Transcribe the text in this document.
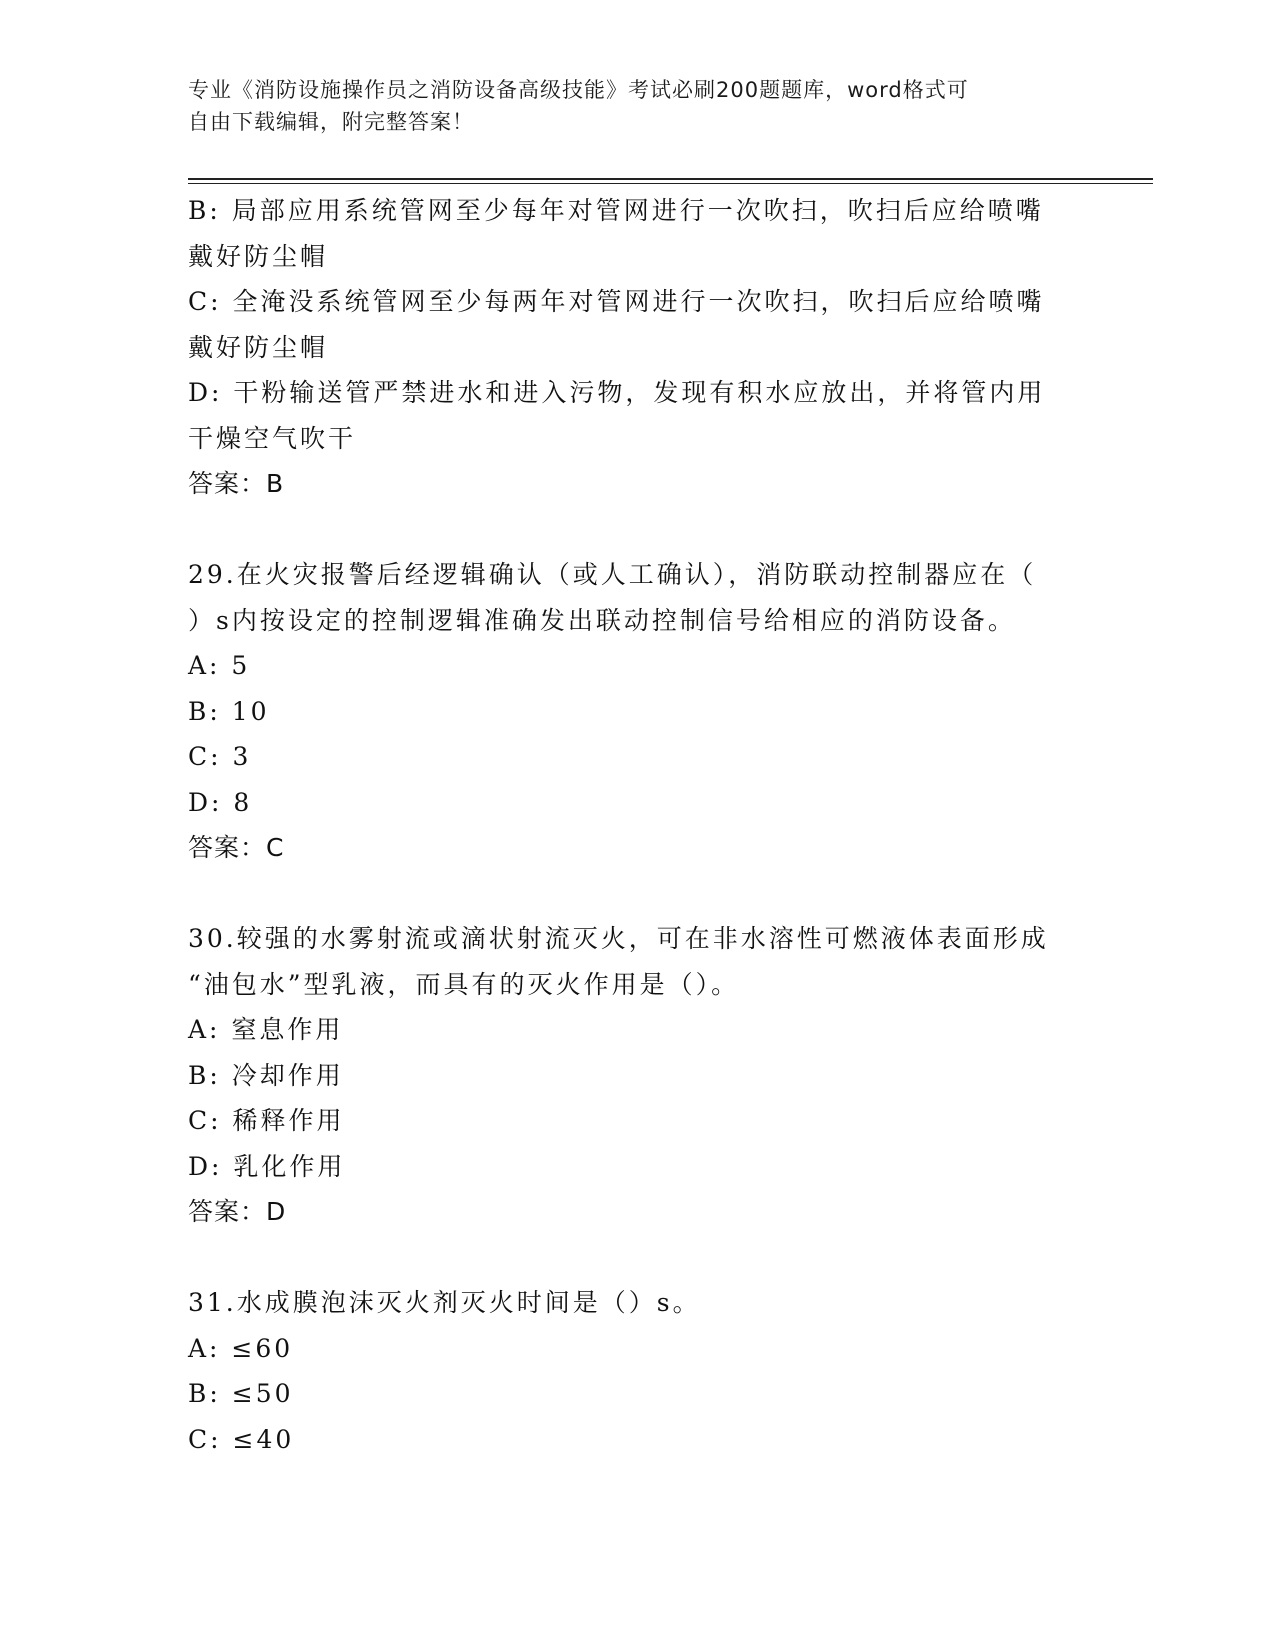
专业《消防设施操作员之消防设备高级技能》考试必刷200题题库，word格式可
自由下载编辑，附完整答案！
B: 局部应用系统管网至少每年对管网进行一次吹扫，吹扫后应给喷嘴
戴好防尘帽
C: 全淹没系统管网至少每两年对管网进行一次吹扫，吹扫后应给喷嘴
戴好防尘帽
D: 干粉输送管严禁进水和进入污物，发现有积水应放出，并将管内用
干燥空气吹干
答案：B
29.在火灾报警后经逻辑确认（或人工确认），消防联动控制器应在（
）s内按设定的控制逻辑准确发出联动控制信号给相应的消防设备。
A: 5
B: 10
C: 3
D: 8
答案：C
30.较强的水雾射流或滴状射流灭火，可在非水溶性可燃液体表面形成
“油包水”型乳液，而具有的灭火作用是（）。
A: 窒息作用
B: 冷却作用
C: 稀释作用
D: 乳化作用
答案：D
31.水成膜泡沫灭火剂灭火时间是（）s。
A: ≤60
B: ≤50
C: ≤40
